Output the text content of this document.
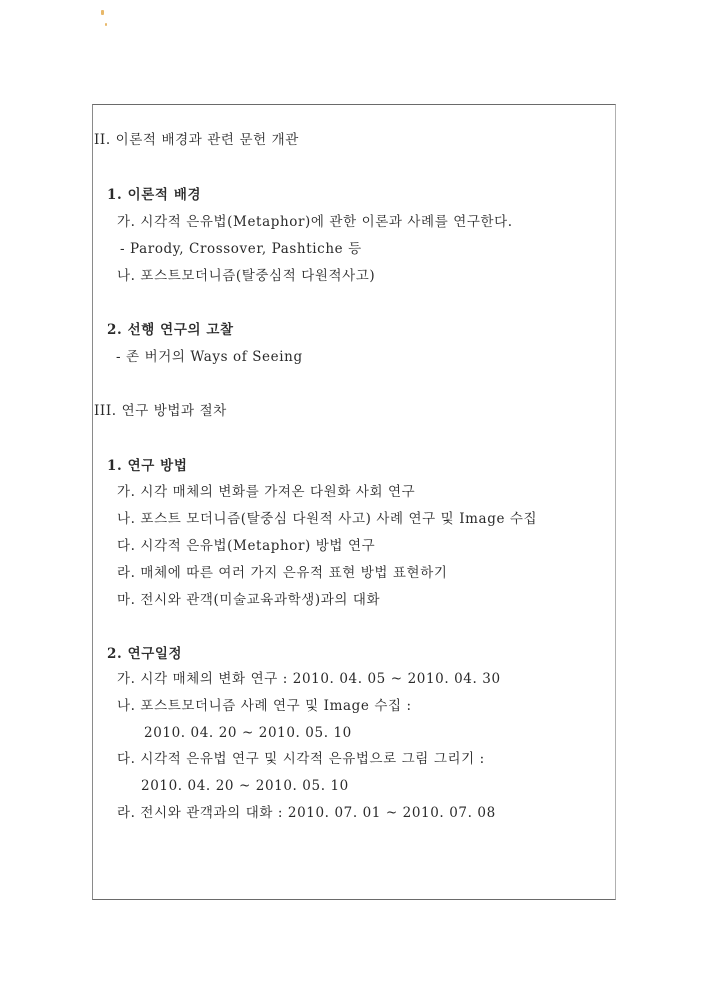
II. 이론적 배경과 관련 문헌 개관
1. 이론적 배경
가. 시각적 은유법(Metaphor)에 관한 이론과 사례를 연구한다.
- Parody, Crossover, Pashtiche 등
나. 포스트모더니즘(탈중심적 다원적사고)
2. 선행 연구의 고찰
- 존 버거의 Ways of Seeing
III. 연구 방법과 절차
1. 연구 방법
가. 시각 매체의 변화를 가져온 다원화 사회 연구
나. 포스트 모더니즘(탈중심 다원적 사고) 사례 연구 및 Image 수집
다. 시각적 은유법(Metaphor) 방법 연구
라. 매체에 따른 여러 가지 은유적 표현 방법 표현하기
마. 전시와 관객(미술교육과학생)과의 대화
2. 연구일정
가. 시각 매체의 변화 연구 : 2010. 04. 05 ~ 2010. 04. 30
나. 포스트모더니즘 사례 연구 및 Image 수집 :
2010. 04. 20 ~ 2010. 05. 10
다. 시각적 은유법 연구 및 시각적 은유법으로 그림 그리기 :
2010. 04. 20 ~ 2010. 05. 10
라. 전시와 관객과의 대화 : 2010. 07. 01 ~ 2010. 07. 08
